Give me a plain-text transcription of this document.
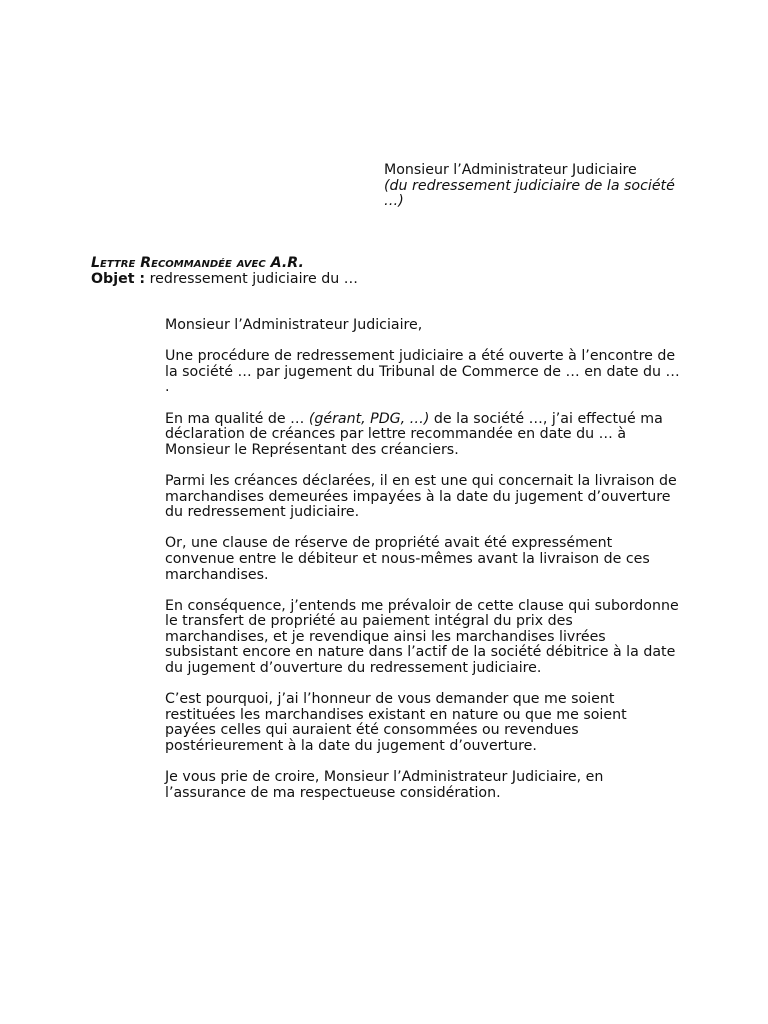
Monsieur l’Administrateur Judiciaire
(du redressement judiciaire de la société …)
Lettre Recommandée avec A.R.
Objet : redressement judiciaire du …

Monsieur l’Administrateur Judiciaire,

Une procédure de redressement judiciaire a été ouverte à l’encontre de la société … par jugement du Tribunal de Commerce de … en date du … .

En ma qualité de … (gérant, PDG, …) de la société …, j’ai effectué ma déclaration de créances par lettre recommandée en date du … à Monsieur le Représentant des créanciers.

Parmi les créances déclarées, il en est une qui concernait la livraison de marchandises demeurées impayées à la date du jugement d’ouverture du redressement judiciaire.

Or, une clause de réserve de propriété avait été expressément convenue entre le débiteur et nous-mêmes avant la livraison de ces marchandises.

En conséquence, j’entends me prévaloir de cette clause qui subordonne le transfert de propriété au paiement intégral du prix des marchandises, et je revendique ainsi les marchandises livrées subsistant encore en nature dans l’actif de la société débitrice à la date du jugement d’ouverture du redressement judiciaire.

C’est pourquoi, j’ai l’honneur de vous demander que me soient restituées les marchandises existant en nature ou que me soient payées celles qui auraient été consommées ou revendues postérieurement à la date du jugement d’ouverture.

Je vous prie de croire, Monsieur l’Administrateur Judiciaire, en l’assurance de ma respectueuse considération.
